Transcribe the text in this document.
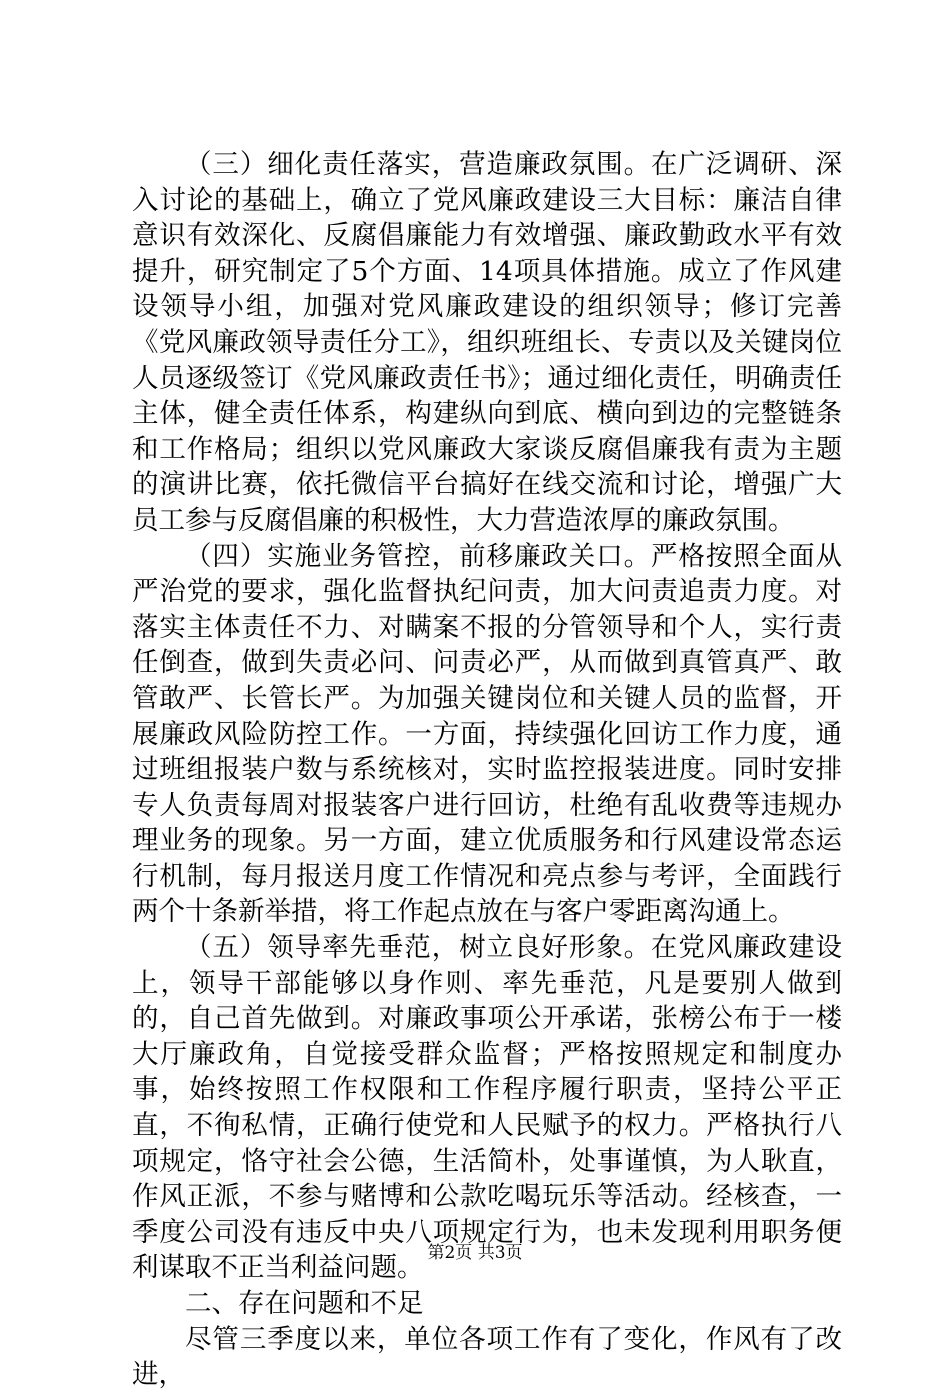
（三）细化责任落实，营造廉政氛围。在广泛调研、深入讨论的基础上，确立了党风廉政建设三大目标：廉洁自律意识有效深化、反腐倡廉能力有效增强、廉政勤政水平有效提升，研究制定了5个方面、14项具体措施。成立了作风建设领导小组，加强对党风廉政建设的组织领导；修订完善《党风廉政领导责任分工》，组织班组长、专责以及关键岗位人员逐级签订《党风廉政责任书》；通过细化责任，明确责任主体，健全责任体系，构建纵向到底、横向到边的完整链条和工作格局；组织以党风廉政大家谈反腐倡廉我有责为主题的演讲比赛，依托微信平台搞好在线交流和讨论，增强广大员工参与反腐倡廉的积极性，大力营造浓厚的廉政氛围。

（四）实施业务管控，前移廉政关口。严格按照全面从严治党的要求，强化监督执纪问责，加大问责追责力度。对落实主体责任不力、对瞒案不报的分管领导和个人，实行责任倒查，做到失责必问、问责必严，从而做到真管真严、敢管敢严、长管长严。为加强关键岗位和关键人员的监督，开展廉政风险防控工作。一方面，持续强化回访工作力度，通过班组报装户数与系统核对，实时监控报装进度。同时安排专人负责每周对报装客户进行回访，杜绝有乱收费等违规办理业务的现象。另一方面，建立优质服务和行风建设常态运行机制，每月报送月度工作情况和亮点参与考评，全面践行两个十条新举措，将工作起点放在与客户零距离沟通上。

（五）领导率先垂范，树立良好形象。在党风廉政建设上，领导干部能够以身作则、率先垂范，凡是要别人做到的，自己首先做到。对廉政事项公开承诺，张榜公布于一楼大厅廉政角，自觉接受群众监督；严格按照规定和制度办事，始终按照工作权限和工作程序履行职责，坚持公平正直，不徇私情，正确行使党和人民赋予的权力。严格执行八项规定，恪守社会公德，生活简朴，处事谨慎，为人耿直，作风正派，不参与赌博和公款吃喝玩乐等活动。经核查，一季度公司没有违反中央八项规定行为，也未发现利用职务便利谋取不正当利益问题。

二、存在问题和不足

尽管三季度以来，单位各项工作有了变化，作风有了改进，

第2页 共3页
